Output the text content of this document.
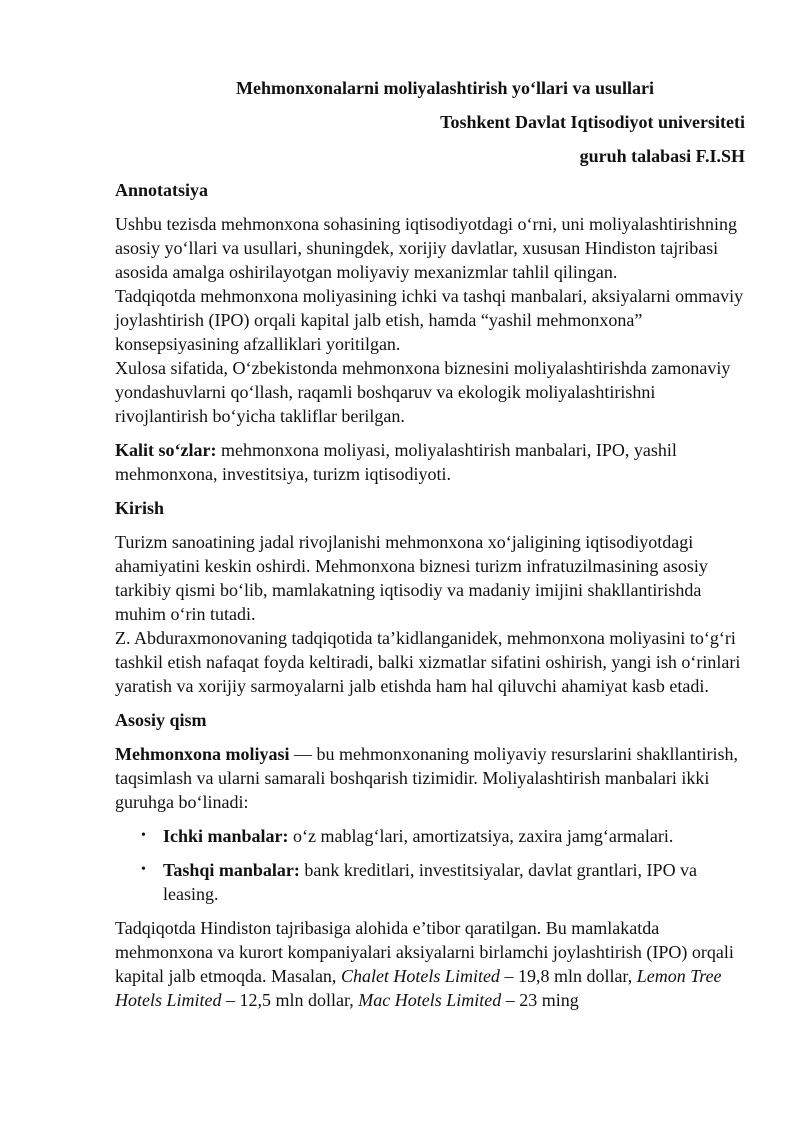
Mehmonxonalarni moliyalashtirish yo‘llari va usullari
Toshkent Davlat Iqtisodiyot universiteti
guruh talabasi F.I.SH
Annotatsiya
Ushbu tezisda mehmonxona sohasining iqtisodiyotdagi o‘rni, uni moliyalashtirishning asosiy yo‘llari va usullari, shuningdek, xorijiy davlatlar, xususan Hindiston tajribasi asosida amalga oshirilayotgan moliyaviy mexanizmlar tahlil qilingan.
Tadqiqotda mehmonxona moliyasining ichki va tashqi manbalari, aksiyalarni ommaviy joylashtirish (IPO) orqali kapital jalb etish, hamda “yashil mehmonxona” konsepsiyasining afzalliklari yoritilgan.
Xulosa sifatida, O‘zbekistonda mehmonxona biznesini moliyalashtirishda zamonaviy yondashuvlarni qo‘llash, raqamli boshqaruv va ekologik moliyalashtirishni rivojlantirish bo‘yicha takliflar berilgan.

Kalit so‘zlar: mehmonxona moliyasi, moliyalashtirish manbalari, IPO, yashil mehmonxona, investitsiya, turizm iqtisodiyoti.

Kirish
Turizm sanoatining jadal rivojlanishi mehmonxona xo‘jaligining iqtisodiyotdagi ahamiyatini keskin oshirdi. Mehmonxona biznesi turizm infratuzilmasining asosiy tarkibiy qismi bo‘lib, mamlakatning iqtisodiy va madaniy imijini shakllantirishda muhim o‘rin tutadi.
Z. Abduraxmonovaning tadqiqotida ta’kidlanganidek, mehmonxona moliyasini to‘g‘ri tashkil etish nafaqat foyda keltiradi, balki xizmatlar sifatini oshirish, yangi ish o‘rinlari yaratish va xorijiy sarmoyalarni jalb etishda ham hal qiluvchi ahamiyat kasb etadi.
Asosiy qism

Mehmonxona moliyasi — bu mehmonxonaning moliyaviy resurslarini shakllantirish, taqsimlash va ularni samarali boshqarish tizimidir. Moliyalashtirish manbalari ikki guruhga bo‘linadi:

• Ichki manbalar: o‘z mablag‘lari, amortizatsiya, zaxira jamg‘armalari.
• Tashqi manbalar: bank kreditlari, investitsiyalar, davlat grantlari, IPO va leasing.

Tadqiqotda Hindiston tajribasiga alohida e’tibor qaratilgan. Bu mamlakatda mehmonxona va kurort kompaniyalari aksiyalarni birlamchi joylashtirish (IPO) orqali kapital jalb etmoqda. Masalan, Chalet Hotels Limited – 19,8 mln dollar, Lemon Tree Hotels Limited – 12,5 mln dollar, Mac Hotels Limited – 23 ming
